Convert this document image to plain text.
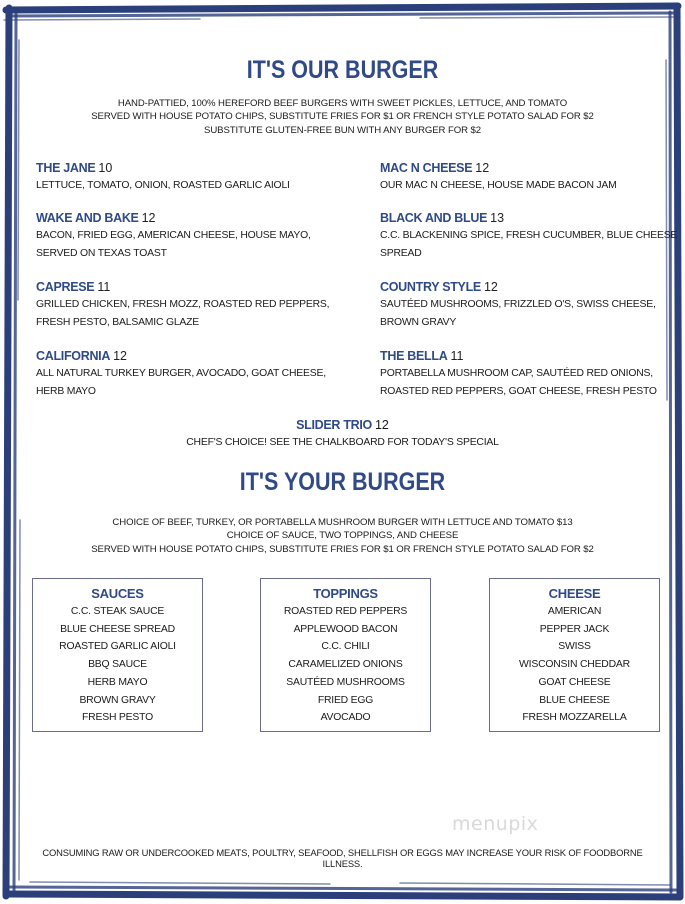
IT'S OUR BURGER
HAND-PATTIED, 100% HEREFORD BEEF BURGERS WITH SWEET PICKLES, LETTUCE, AND TOMATO
SERVED WITH HOUSE POTATO CHIPS, SUBSTITUTE FRIES FOR $1 OR FRENCH STYLE POTATO SALAD FOR $2
SUBSTITUTE GLUTEN-FREE BUN WITH ANY BURGER FOR $2
THE JANE 10
LETTUCE, TOMATO, ONION, ROASTED GARLIC AIOLI
MAC N CHEESE 12
OUR MAC N CHEESE, HOUSE MADE BACON JAM
WAKE AND BAKE 12
BACON, FRIED EGG, AMERICAN CHEESE, HOUSE MAYO,
SERVED ON TEXAS TOAST
BLACK AND BLUE 13
C.C. BLACKENING SPICE, FRESH CUCUMBER, BLUE CHEESE
SPREAD
CAPRESE 11
GRILLED CHICKEN, FRESH MOZZ, ROASTED RED PEPPERS,
FRESH PESTO, BALSAMIC GLAZE
COUNTRY STYLE 12
SAUTÉED MUSHROOMS, FRIZZLED O'S, SWISS CHEESE,
BROWN GRAVY
CALIFORNIA 12
ALL NATURAL TURKEY BURGER, AVOCADO, GOAT CHEESE,
HERB MAYO
THE BELLA 11
PORTABELLA MUSHROOM CAP, SAUTÉED RED ONIONS,
ROASTED RED PEPPERS, GOAT CHEESE, FRESH PESTO
SLIDER TRIO 12
CHEF'S CHOICE! SEE THE CHALKBOARD FOR TODAY'S SPECIAL
IT'S YOUR BURGER
CHOICE OF BEEF, TURKEY, OR PORTABELLA MUSHROOM BURGER WITH LETTUCE AND TOMATO $13
CHOICE OF SAUCE, TWO TOPPINGS, AND CHEESE
SERVED WITH HOUSE POTATO CHIPS, SUBSTITUTE FRIES FOR $1 OR FRENCH STYLE POTATO SALAD FOR $2
SAUCES
C.C. STEAK SAUCE
BLUE CHEESE SPREAD
ROASTED GARLIC AIOLI
BBQ SAUCE
HERB MAYO
BROWN GRAVY
FRESH PESTO
TOPPINGS
ROASTED RED PEPPERS
APPLEWOOD BACON
C.C. CHILI
CARAMELIZED ONIONS
SAUTÉED MUSHROOMS
FRIED EGG
AVOCADO
CHEESE
AMERICAN
PEPPER JACK
SWISS
WISCONSIN CHEDDAR
GOAT CHEESE
BLUE CHEESE
FRESH MOZZARELLA
menupix
CONSUMING RAW OR UNDERCOOKED MEATS, POULTRY, SEAFOOD, SHELLFISH OR EGGS MAY INCREASE YOUR RISK OF FOODBORNE ILLNESS.
